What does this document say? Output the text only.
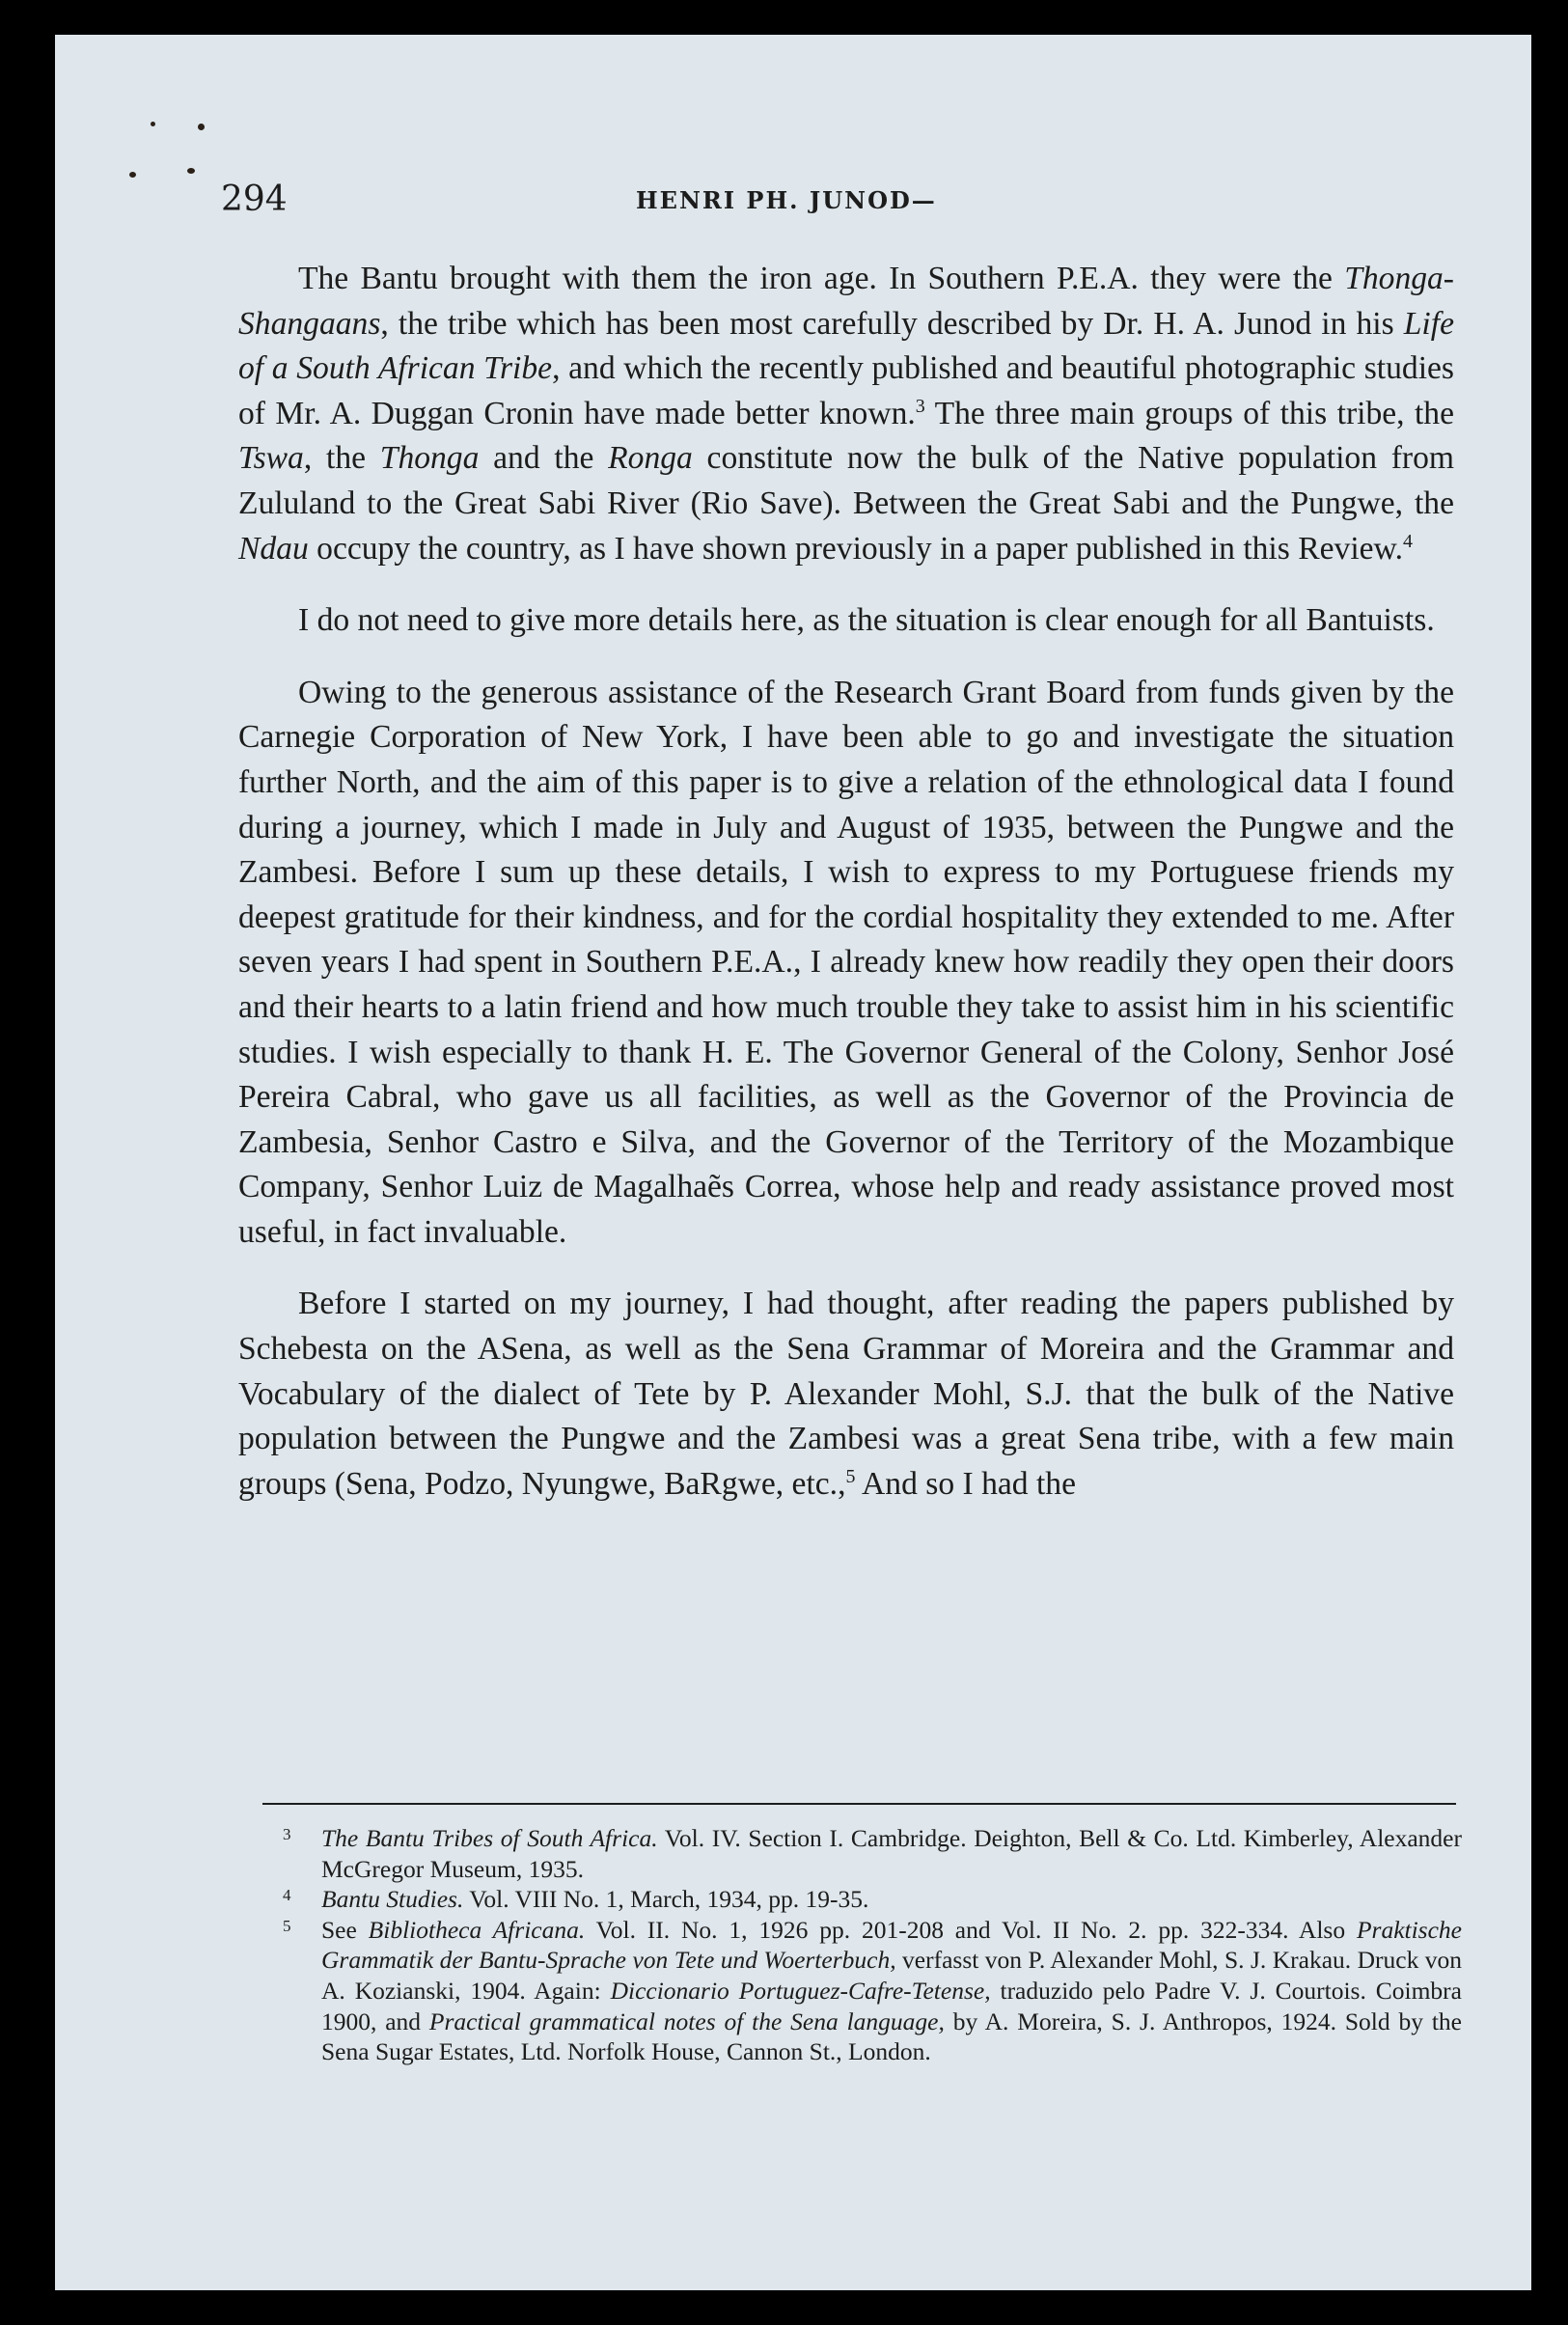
294	HENRI PH. JUNOD—

The Bantu brought with them the iron age. In Southern P.E.A. they were the Thonga-Shangaans, the tribe which has been most carefully described by Dr. H. A. Junod in his Life of a South African Tribe, and which the recently published and beautiful photographic studies of Mr. A. Duggan Cronin have made better known.$^3$ The three main groups of this tribe, the Tswa, the Thonga and the Ronga constitute now the bulk of the Native population from Zululand to the Great Sabi River (Rio Save). Between the Great Sabi and the Pungwe, the Ndau occupy the country, as I have shown previously in a paper published in this Review.$^4$

I do not need to give more details here, as the situation is clear enough for all Bantuists.

Owing to the generous assistance of the Research Grant Board from funds given by the Carnegie Corporation of New York, I have been able to go and investigate the situation further North, and the aim of this paper is to give a relation of the ethnological data I found during a journey, which I made in July and August of 1935, between the Pungwe and the Zambesi. Before I sum up these details, I wish to express to my Portuguese friends my deepest gratitude for their kindness, and for the cordial hospitality they extended to me. After seven years I had spent in Southern P.E.A., I already knew how readily they open their doors and their hearts to a latin friend and how much trouble they take to assist him in his scientific studies. I wish especially to thank H. E. The Governor General of the Colony, Senhor José Pereira Cabral, who gave us all facilities, as well as the Governor of the Provincia de Zambesia, Senhor Castro e Silva, and the Governor of the Territory of the Mozambique Company, Senhor Luiz de Magalhaẽs Correa, whose help and ready assistance proved most useful, in fact invaluable.

Before I started on my journey, I had thought, after reading the papers published by Schebesta on the ASena, as well as the Sena Grammar of Moreira and the Grammar and Vocabulary of the dialect of Tete by P. Alexander Mohl, S.J. that the bulk of the Native population between the Pungwe and the Zambesi was a great Sena tribe, with a few main groups (Sena, Podzo, Nyungwe, BaRgwe, etc.,$^5$ And so I had the

3 The Bantu Tribes of South Africa. Vol. IV. Section I. Cambridge. Deighton, Bell & Co. Ltd. Kimberley, Alexander McGregor Museum, 1935.
4 Bantu Studies. Vol. VIII No. 1, March, 1934, pp. 19-35.
5 See Bibliotheca Africana. Vol. II. No. 1, 1926 pp. 201-208 and Vol. II No. 2. pp. 322-334. Also Praktische Grammatik der Bantu-Sprache von Tete und Woerterbuch, verfasst von P. Alexander Mohl, S. J. Krakau. Druck von A. Kozianski, 1904. Again: Diccionario Portuguez-Cafre-Tetense, traduzido pelo Padre V. J. Courtois. Coimbra 1900, and Practical grammatical notes of the Sena language, by A. Moreira, S. J. Anthropos, 1924. Sold by the Sena Sugar Estates, Ltd. Norfolk House, Cannon St., London.
